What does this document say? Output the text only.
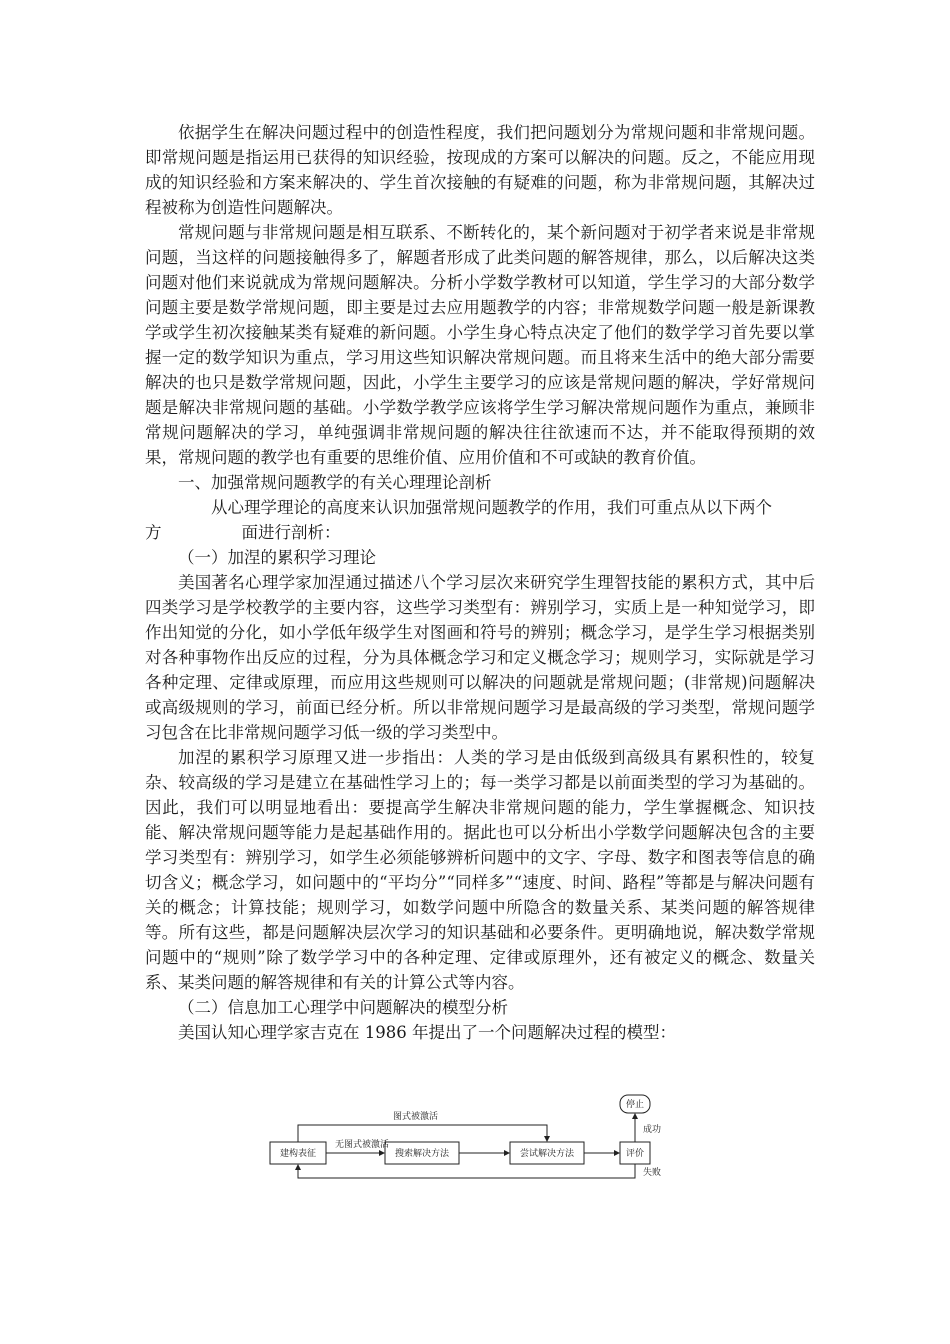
依据学生在解决问题过程中的创造性程度，我们把问题划分为常规问题和非常规问题。即常规问题是指运用已获得的知识经验，按现成的方案可以解决的问题。反之，不能应用现成的知识经验和方案来解决的、学生首次接触的有疑难的问题，称为非常规问题，其解决过程被称为创造性问题解决。

常规问题与非常规问题是相互联系、不断转化的，某个新问题对于初学者来说是非常规问题，当这样的问题接触得多了，解题者形成了此类问题的解答规律，那么，以后解决这类问题对他们来说就成为常规问题解决。分析小学数学教材可以知道，学生学习的大部分数学问题主要是数学常规问题，即主要是过去应用题教学的内容；非常规数学问题一般是新课教学或学生初次接触某类有疑难的新问题。小学生身心特点决定了他们的数学学习首先要以掌握一定的数学知识为重点，学习用这些知识解决常规问题。而且将来生活中的绝大部分需要解决的也只是数学常规问题，因此，小学生主要学习的应该是常规问题的解决，学好常规问题是解决非常规问题的基础。小学数学教学应该将学生学习解决常规问题作为重点，兼顾非常规问题解决的学习，单纯强调非常规问题的解决往往欲速而不达，并不能取得预期的效果，常规问题的教学也有重要的思维价值、应用价值和不可或缺的教育价值。

一、加强常规问题教学的有关心理理论剖析

从心理学理论的高度来认识加强常规问题教学的作用，我们可重点从以下两个

方	面进行剖析：

（一）加涅的累积学习理论

美国著名心理学家加涅通过描述八个学习层次来研究学生理智技能的累积方式，其中后四类学习是学校教学的主要内容，这些学习类型有：辨别学习，实质上是一种知觉学习，即作出知觉的分化，如小学低年级学生对图画和符号的辨别；概念学习，是学生学习根据类别对各种事物作出反应的过程，分为具体概念学习和定义概念学习；规则学习，实际就是学习各种定理、定律或原理，而应用这些规则可以解决的问题就是常规问题；(非常规)问题解决或高级规则的学习，前面已经分析。所以非常规问题学习是最高级的学习类型，常规问题学习包含在比非常规问题学习低一级的学习类型中。

加涅的累积学习原理又进一步指出：人类的学习是由低级到高级具有累积性的，较复杂、较高级的学习是建立在基础性学习上的；每一类学习都是以前面类型的学习为基础的。因此，我们可以明显地看出：要提高学生解决非常规问题的能力，学生掌握概念、知识技能、解决常规问题等能力是起基础作用的。据此也可以分析出小学数学问题解决包含的主要学习类型有：辨别学习，如学生必须能够辨析问题中的文字、字母、数字和图表等信息的确切含义；概念学习，如问题中的“平均分”“同样多”“速度、时间、路程”等都是与解决问题有关的概念；计算技能；规则学习，如数学问题中所隐含的数量关系、某类问题的解答规律等。所有这些，都是问题解决层次学习的知识基础和必要条件。更明确地说，解决数学常规问题中的“规则”除了数学学习中的各种定理、定律或原理外，还有被定义的概念、数量关系、某类问题的解答规律和有关的计算公式等内容。

（二）信息加工心理学中问题解决的模型分析

美国认知心理学家吉克在 1986 年提出了一个问题解决过程的模型：

建构表征	搜索解决方法	尝试解决方法	评价
停止
无图式被激活
图式被激活
成功
失败
